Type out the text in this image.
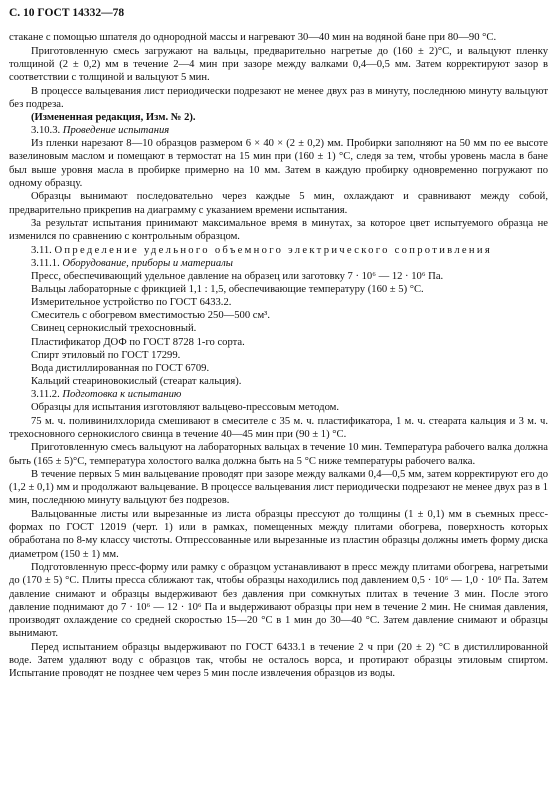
С. 10 ГОСТ 14332—78

стакане с помощью шпателя до однородной массы и нагревают 30—40 мин на водяной бане при 80—90 °С.

Приготовленную смесь загружают на вальцы, предварительно нагретые до (160 ± 2)°С, и вальцуют пленку толщиной (2 ± 0,2) мм в течение 2—4 мин при зазоре между валками 0,4—0,5 мм. Затем корректируют зазор в соответствии с толщиной и вальцуют 5 мин.

В процессе вальцевания лист периодически подрезают не менее двух раз в минуту, последнюю минуту вальцуют без подреза.

(Измененная редакция, Изм. № 2).

3.10.3. Проведение испытания

Из пленки нарезают 8—10 образцов размером 6 × 40 × (2 ± 0,2) мм. Пробирки заполняют на 50 мм по ее высоте вазелиновым маслом и помещают в термостат на 15 мин при (160 ± 1) °С, следя за тем, чтобы уровень масла в бане был выше уровня масла в пробирке примерно на 10 мм. Затем в каждую пробирку одновременно погружают по одному образцу.

Образцы вынимают последовательно через каждые 5 мин, охлаждают и сравнивают между собой, предварительно прикрепив на диаграмму с указанием времени испытания.

За результат испытания принимают максимальное время в минутах, за которое цвет испытуемого образца не изменился по сравнению с контрольным образцом.

3.11. Определение удельного объемного электрического сопротивления

3.11.1. Оборудование, приборы и материалы

Пресс, обеспечивающий удельное давление на образец или заготовку 7 · 10⁶ — 12 · 10⁶ Па.

Вальцы лабораторные с фрикцией 1,1 : 1,5, обеспечивающие температуру (160 ± 5) °С.

Измерительное устройство по ГОСТ 6433.2.

Смеситель с обогревом вместимостью 250—500 см³.

Свинец сернокислый трехосновный.

Пластификатор ДОФ по ГОСТ 8728 1-го сорта.

Спирт этиловый по ГОСТ 17299.

Вода дистиллированная по ГОСТ 6709.

Кальций стеариновокислый (стеарат кальция).

3.11.2. Подготовка к испытанию

Образцы для испытания изготовляют вальцево-прессовым методом.

75 м. ч. поливинилхлорида смешивают в смесителе с 35 м. ч. пластификатора, 1 м. ч. стеарата кальция и 3 м. ч. трехосновного сернокислого свинца в течение 40—45 мин при (90 ± 1) °С.

Приготовленную смесь вальцуют на лабораторных вальцах в течение 10 мин. Температура рабочего валка должна быть (165 ± 5)°С, температура холостого валка должна быть на 5 °С ниже температуры рабочего валка.

В течение первых 5 мин вальцевание проводят при зазоре между валками 0,4—0,5 мм, затем корректируют его до (1,2 ± 0,1) мм и продолжают вальцевание. В процессе вальцевания лист периодически подрезают не менее двух раз в 1 мин, последнюю минуту вальцуют без подрезов.

Вальцованные листы или вырезанные из листа образцы прессуют до толщины (1 ± 0,1) мм в съемных пресс-формах по ГОСТ 12019 (черт. 1) или в рамках, помещенных между плитами обогрева, поверхность которых обработана по 8-му классу чистоты. Отпрессованные или вырезанные из пластин образцы должны иметь форму диска диаметром (150 ± 1) мм.

Подготовленную пресс-форму или рамку с образцом устанавливают в пресс между плитами обогрева, нагретыми до (170 ± 5) °С. Плиты пресса сближают так, чтобы образцы находились под давлением 0,5 · 10⁶ — 1,0 · 10⁶ Па. Затем давление снимают и образцы выдерживают без давления при сомкнутых плитах в течение 3 мин. После этого давление поднимают до 7 · 10⁶ — 12 · 10⁶ Па и выдерживают образцы при нем в течение 2 мин. Не снимая давления, производят охлаждение со средней скоростью 15—20 °С в 1 мин до 30—40 °С. Затем давление снимают и образцы вынимают.

Перед испытанием образцы выдерживают по ГОСТ 6433.1 в течение 2 ч при (20 ± 2) °С в дистиллированной воде. Затем удаляют воду с образцов так, чтобы не осталось ворса, и протирают образцы этиловым спиртом. Испытание проводят не позднее чем через 5 мин после извлечения образцов из воды.
